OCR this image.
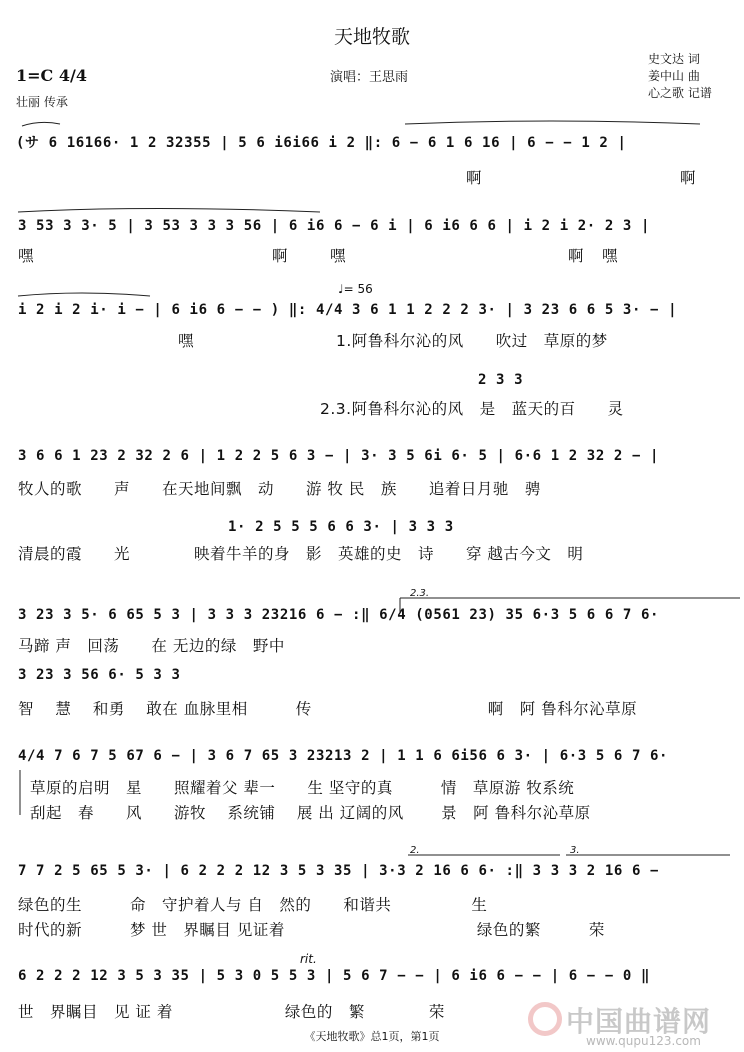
天地牧歌
1=C 4/4
壮丽 传承
演唱：王思雨
史文达 词
姜中山 曲
心之歌 记谱
♩= 56
2.3.
2.	3.
rit.
(サ 6 16166· 1 2 32355 | 5 6 i6i66 i 2 ‖: 6 − 6 1 6 16 | 6 − − 1 2 |
3 53 3 3· 5 | 3 53 3 3 3 56 | 6 i6 6 − 6 i | 6 i6 6 6 | i 2 i 2· 2 3 |
i 2 i 2 i· i − | 6 i6 6 − − ) ‖: 4/4 3 6 1 1 2 2 2 3· | 3 23 6 6 5 3· − |
2 3 3
3 6 6 1 23 2 32 2 6 | 1 2 2 5 6 3 − | 3· 3 5 6i 6· 5 | 6·6 1 2 32 2 − |
1· 2 5 5 5 6 6 3· | 3 3 3
3 23 3 5· 6 65 5 3 | 3 3 3 23216 6 − :‖ 6/4 (0561 23) 35 6·3 5 6 6 7 6·
3 23 3 56 6· 5 3 3
4/4 7 6 7 5 67 6 − | 3 6 7 65 3 23213 2 | 1 1 6 6i56 6 3· | 6·3 5 6 7 6·
7 7 2 5 65 5 3· | 6 2 2 2 12 3 5 3 35 | 3·3 2 16 6 6· :‖ 3 3 3 2 16 6 −
6 2 2 2 12 3 5 3 35 | 5 3 0 5 5 3 | 5 6 7 − − | 6 i6 6 − − | 6 − − 0 ‖
啊	啊
嘿	啊	嘿	啊 嘿
嘿	1.阿鲁科尔沁的风　　吹过　草原的梦
2.3.阿鲁科尔沁的风　是　蓝天的百　　灵
牧人的歌　　声　　在天地间飘　动　　游 牧 民　族　　追着日月驰　骋
清晨的霞　　光　　　　映着牛羊的身　影　英雄的史　诗　　穿 越古今文　明
马蹄 声　回荡　　在 无边的绿　野中
智　 慧　 和勇　 敢在 血脉里相　　　传　　　　　　　　　　　啊　阿 鲁科尔沁草原
草原的启明　星　　照耀着父 辈一　　生 坚守的真　　　情　草原游 牧系统
刮起　春　　风　　游牧　 系统铺　 展 出 辽阔的风　　 景　阿 鲁科尔沁草原
绿色的生　　　命　守护着人与 自　然的　　和谐共　　　　　生
时代的新　　　梦 世　界瞩目 见证着　　　　　　　　　　　　绿色的繁　　　荣
世　界瞩目　见 证 着　　　　　　　绿色的　繁　　　　荣	中国曲谱网
www.qupu123.com
《天地牧歌》总1页，第1页
